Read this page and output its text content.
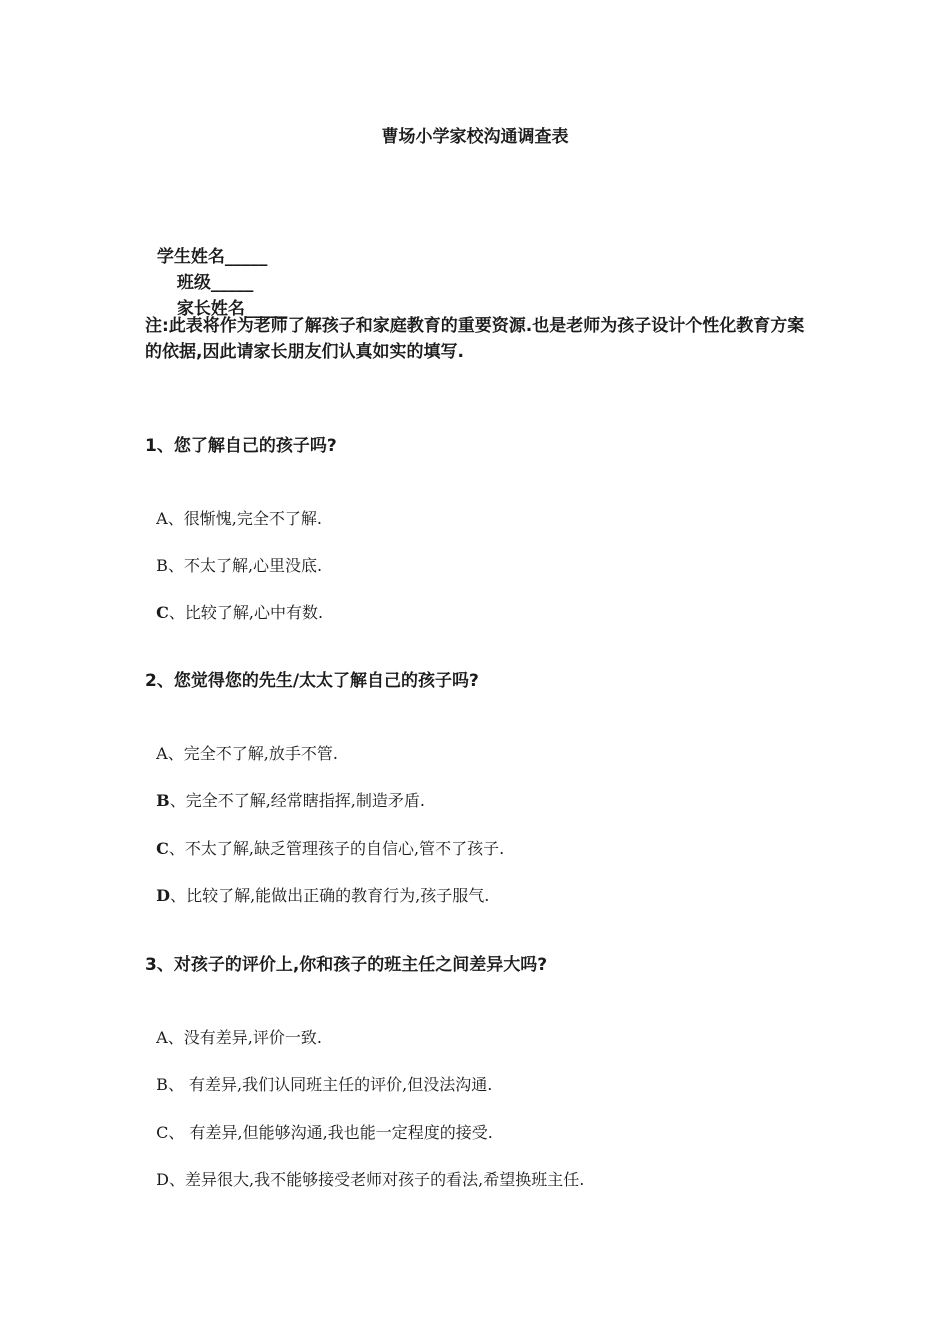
曹场小学家校沟通调查表

学生姓名_____
班级_____
家长姓名_____

注:此表将作为老师了解孩子和家庭教育的重要资源.也是老师为孩子设计个性化教育方案的依据,因此请家长朋友们认真如实的填写.
1、您了解自己的孩子吗?

A、很惭愧,完全不了解.

B、不太了解,心里没底.

C、比较了解,心中有数.

2、您觉得您的先生/太太了解自己的孩子吗?

A、完全不了解,放手不管.

B、完全不了解,经常瞎指挥,制造矛盾.

C、不太了解,缺乏管理孩子的自信心,管不了孩子.

D、比较了解,能做出正确的教育行为,孩子服气.

3、对孩子的评价上,你和孩子的班主任之间差异大吗?

A、没有差异,评价一致.

B、 有差异,我们认同班主任的评价,但没法沟通.

C、 有差异,但能够沟通,我也能一定程度的接受.

D、差异很大,我不能够接受老师对孩子的看法,希望换班主任.
